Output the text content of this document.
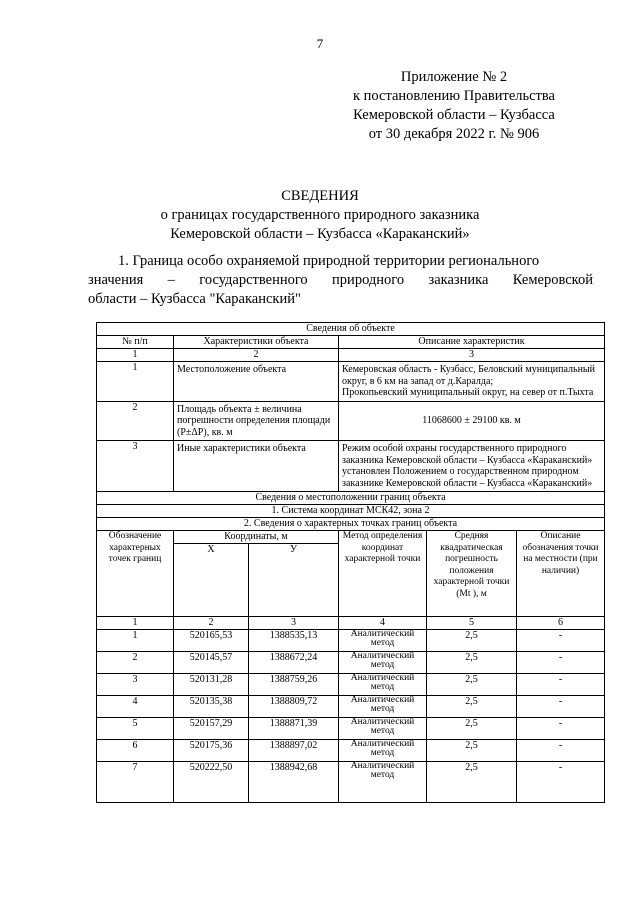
7
Приложение № 2
к постановлению Правительства
Кемеровской области – Кузбасса
от 30 декабря 2022 г. № 906
СВЕДЕНИЯ
о границах государственного природного заказника
Кемеровской области – Кузбасса «Караканский»
1. Граница особо охраняемой природной территории регионального
значения – государственного природного заказника Кемеровской
области – Кузбасса "Караканский"
Сведения об объекте					
№ п/п	Характеристики объекта		Описание характеристик		
1	2		3		
1	Местоположение объекта		Кемеровская область - Кузбасс, Беловский муниципальный
округ, в 6 км на запад от д.Каралда;
Прокопьевский муниципальный округ, на север от п.Тыхта		

2	Площадь объекта ± величина погрешности определения площади (P±ΔP), кв. м		11068600 ± 29100 кв. м		

3	Иные характеристики объекта		Режим особой охраны государственного природного заказника Кемеровской области – Кузбасса «Караканский» установлен Положением о государственном природном заказнике Кемеровской области – Кузбасса «Караканский»		

Сведения о местоположении границ объекта					
1. Система координат МСК42, зона 2					
2. Сведения о характерных точках границ объекта					
Обозначение характерных точек границ	Координаты, м		Метод определения координат характерной точки	Средняя квадратическая погрешность положения характерной точки (Mt ), м	Описание обозначения точки на местности (при наличии)
	X	У			
1	2	3	4	5	6
1	520165,53	1388535,13	Аналитический метод	2,5	-
2	520145,57	1388672,24	Аналитический метод	2,5	-
3	520131,28	1388759,26	Аналитический метод	2,5	-
4	520135,38	1388809,72	Аналитический метод	2,5	-
5	520157,29	1388871,39	Аналитический метод	2,5	-
6	520175,36	1388897,02	Аналитический метод	2,5	-
7	520222,50	1388942,68	Аналитический метод	2,5	-
